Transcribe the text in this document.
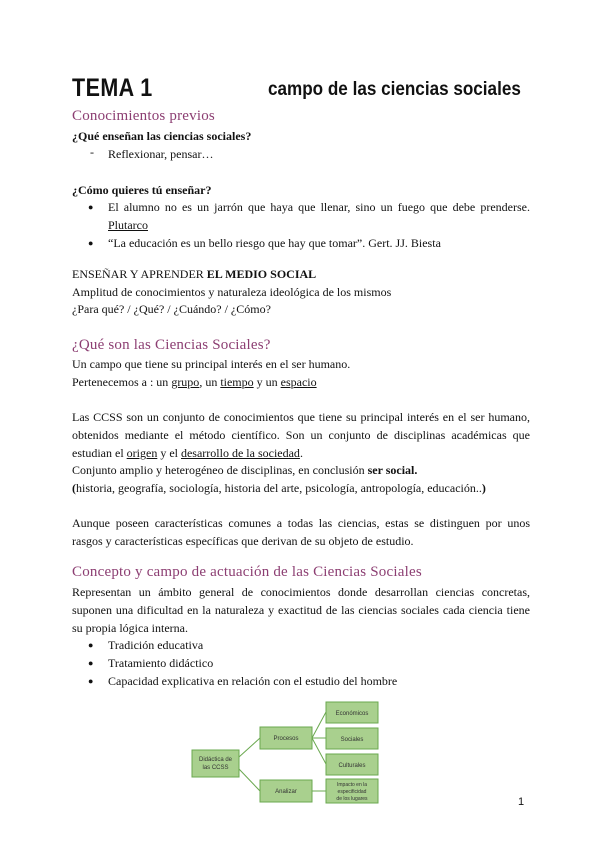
TEMA 1	campo de las ciencias sociales
Conocimientos previos
¿Qué enseñan las ciencias sociales?
- Reflexionar, pensar…
¿Cómo quieres tú enseñar?
● El alumno no es un jarrón que haya que llenar, sino un fuego que debe prenderse. Plutarco
● “La educación es un bello riesgo que hay que tomar”. Gert. JJ. Biesta
ENSEÑAR Y APRENDER EL MEDIO SOCIAL
Amplitud de conocimientos y naturaleza ideológica de los mismos
¿Para qué? / ¿Qué? / ¿Cuándo? / ¿Cómo?
¿Qué son las Ciencias Sociales?
Un campo que tiene su principal interés en el ser humano.
Pertenecemos a : un grupo, un tiempo y un espacio
Las CCSS son un conjunto de conocimientos que tiene su principal interés en el ser humano, obtenidos mediante el método científico. Son un conjunto de disciplinas académicas que estudian el origen y el desarrollo de la sociedad.
Conjunto amplio y heterogéneo de disciplinas, en conclusión ser social.
(historia, geografía, sociología, historia del arte, psicología, antropología, educación..)
Aunque poseen características comunes a todas las ciencias, estas se distinguen por unos rasgos y características específicas que derivan de su objeto de estudio.
Concepto y campo de actuación de las Ciencias Sociales
Representan un ámbito general de conocimientos donde desarrollan ciencias concretas, suponen una dificultad en la naturaleza y exactitud de las ciencias sociales cada ciencia tiene su propia lógica interna.
● Tradición educativa
● Tratamiento didáctico
● Capacidad explicativa en relación con el estudio del hombre
Didáctica de
las CCSS
Procesos
Analizar
Económicos
Sociales
Culturales
Impacto en la
especificidad
de los lugares	1
